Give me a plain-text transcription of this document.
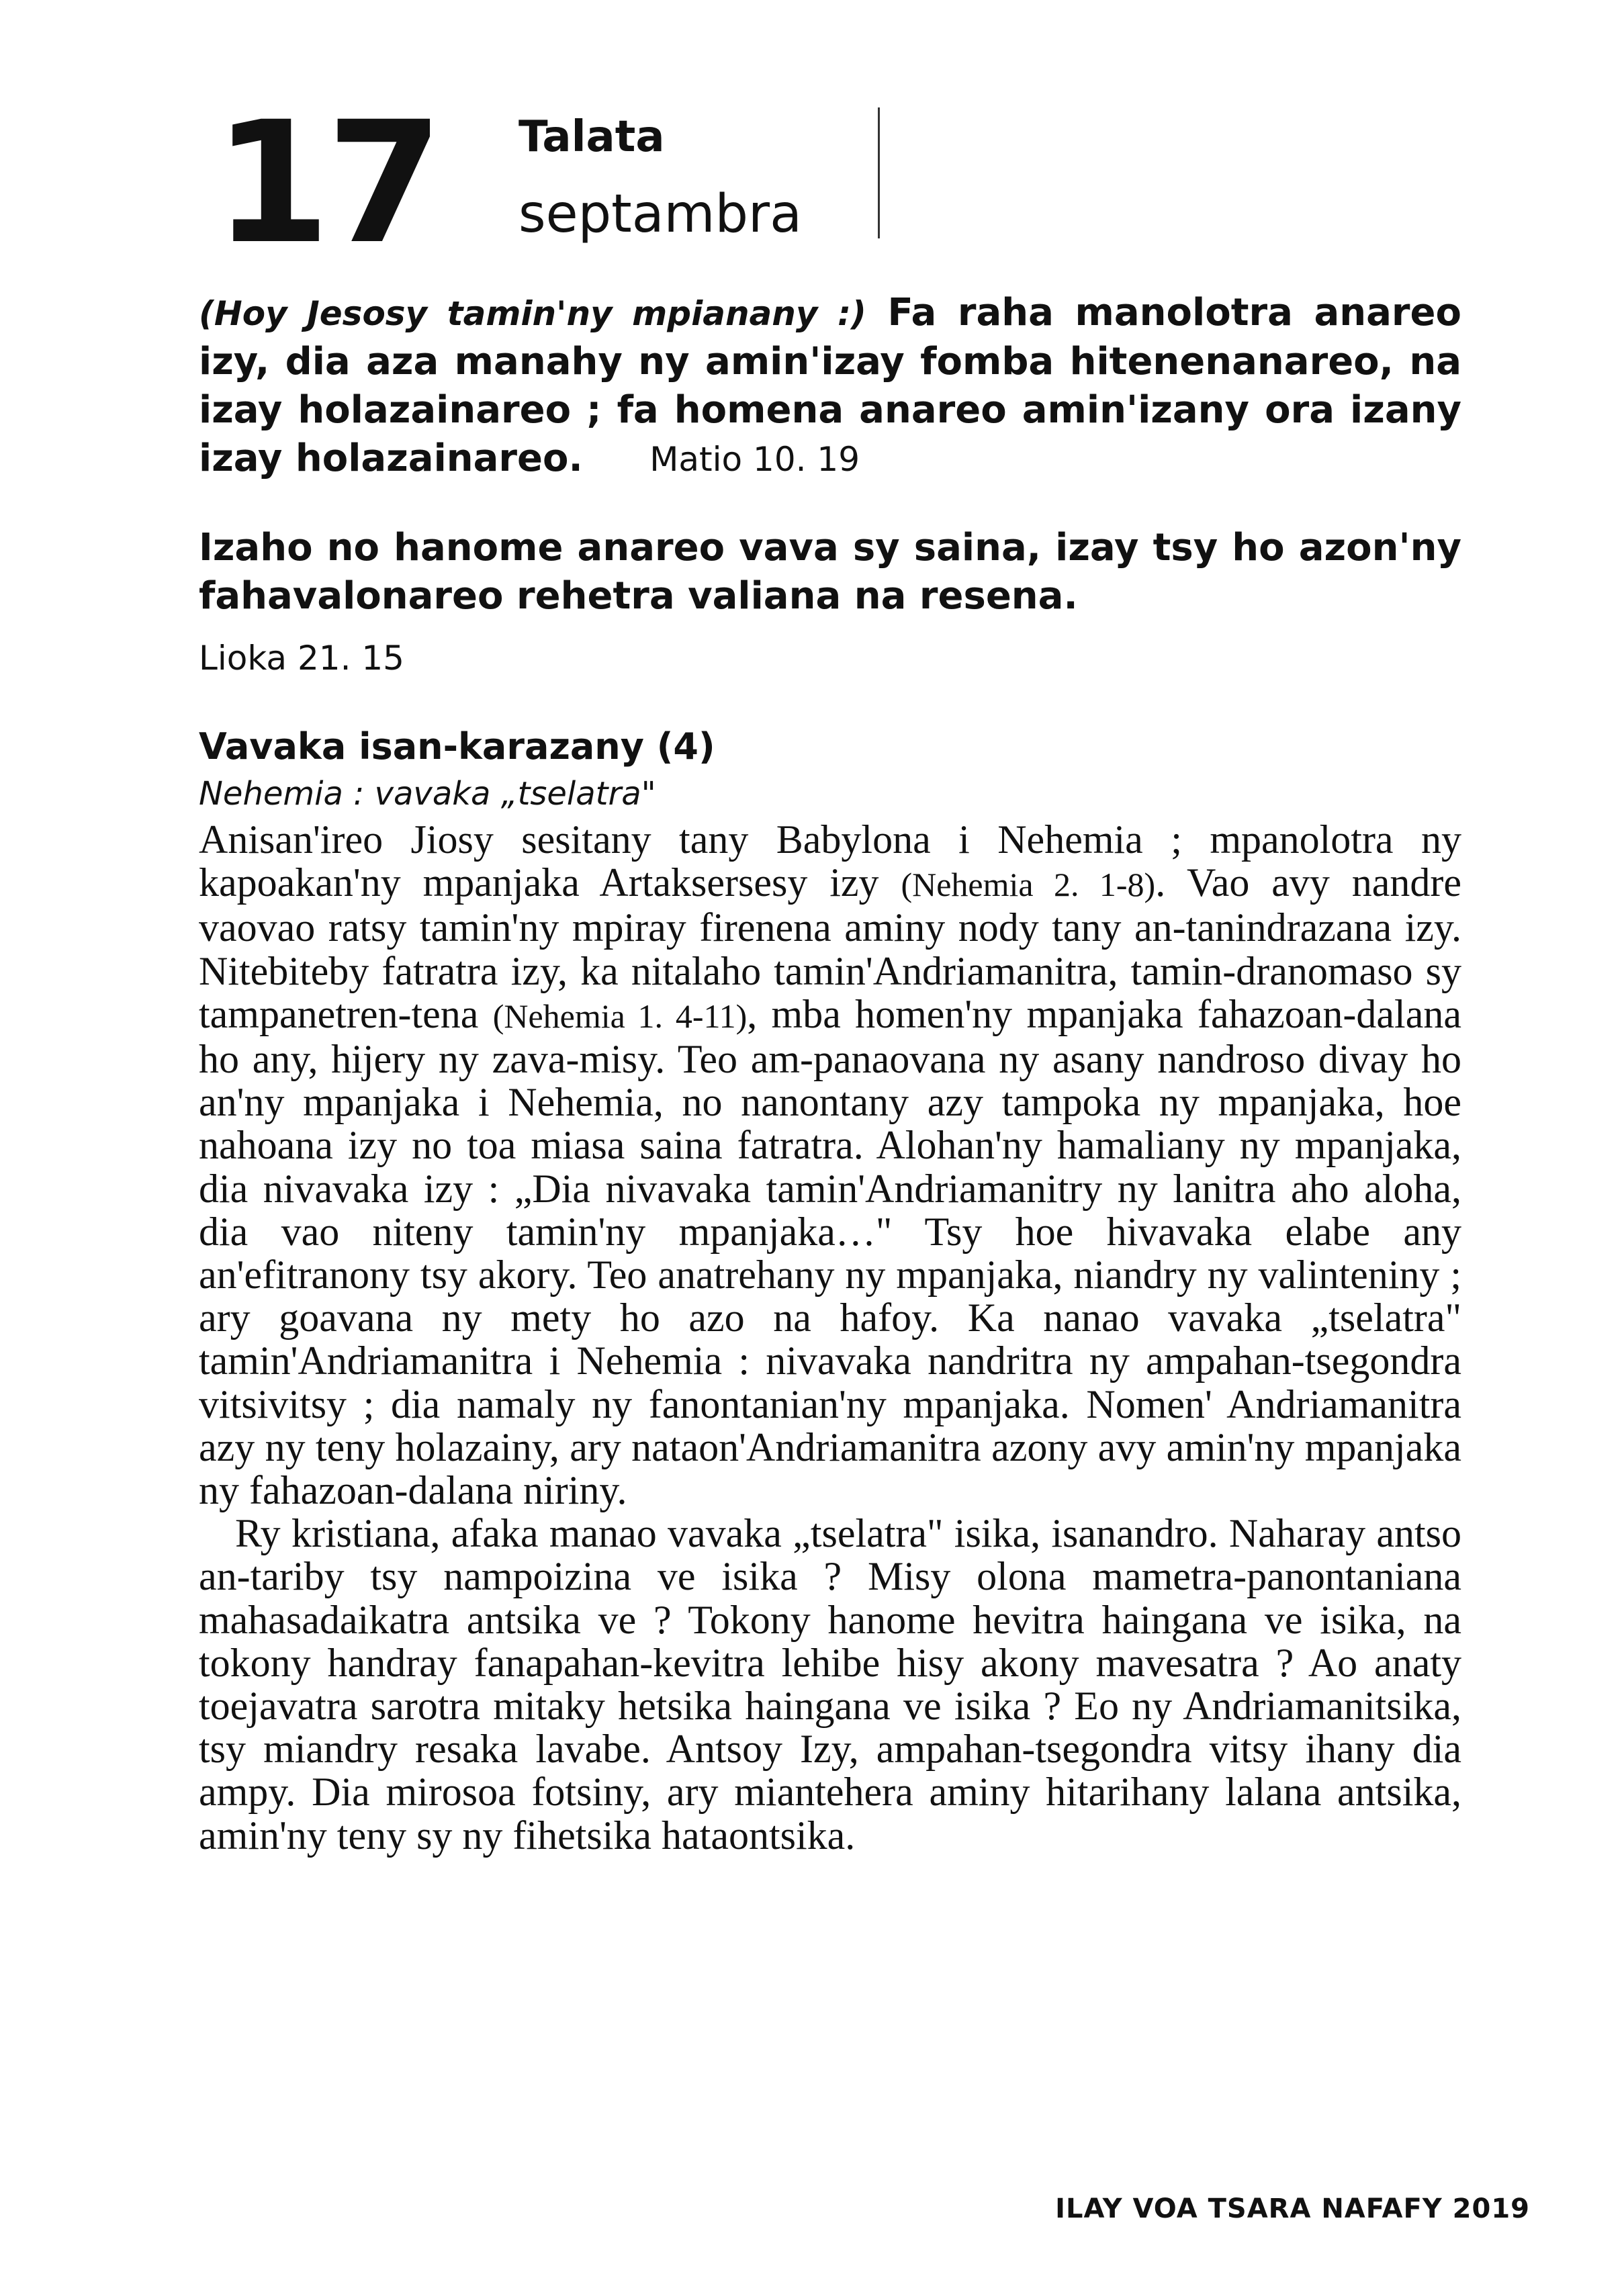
17 Talata
septambra
(Hoy Jesosy tamin'ny mpianany :) Fa raha manolotra anareo izy, dia aza manahy ny amin'izay fomba hitenenanareo, na izay holazainareo ; fa homena anareo amin'izany ora izany izay holazainareo. Matio 10. 19
Izaho no hanome anareo vava sy saina, izay tsy ho azon'ny fahavalonareo rehetra valiana na resena.
Lioka 21. 15
Vavaka isan-karazany (4)
Nehemia : vavaka „tselatra"

Anisan'ireo Jiosy sesitany tany Babylona i Nehemia ; mpanolotra ny kapoakan'ny mpanjaka Artaksersesy izy (Nehemia 2. 1-8). Vao avy nandre vaovao ratsy tamin'ny mpiray firenena aminy nody tany an-tanindrazana izy. Nitebiteby fatratra izy, ka nitalaho tamin'Andriamanitra, tamin-dranomaso sy tampanetren-tena (Nehemia 1. 4-11), mba homen'ny mpanjaka fahazoan-dalana ho any, hijery ny zava-misy. Teo am-panaovana ny asany nandroso divay ho an'ny mpanjaka i Nehemia, no nanontany azy tampoka ny mpanjaka, hoe nahoana izy no toa miasa saina fatratra. Alohan'ny hamaliany ny mpanjaka, dia nivavaka izy : „Dia nivavaka tamin'Andriamanitry ny lanitra aho aloha, dia vao niteny tamin'ny mpanjaka…" Tsy hoe hivavaka elabe any an'efitranony tsy akory. Teo anatrehany ny mpanjaka, niandry ny valinteniny ; ary goavana ny mety ho azo na hafoy. Ka nanao vavaka „tselatra" tamin'Andriamanitra i Nehemia : nivavaka nandritra ny ampahan-tsegondra vitsivitsy ; dia namaly ny fanontanian'ny mpanjaka. Nomen' Andriamanitra azy ny teny holazainy, ary nataon'Andriamanitra azony avy amin'ny mpanjaka ny fahazoan-dalana niriny.

Ry kristiana, afaka manao vavaka „tselatra" isika, isanandro. Naharay antso an-tariby tsy nampoizina ve isika ? Misy olona mametra-panontaniana mahasadaikatra antsika ve ? Tokony hanome hevitra haingana ve isika, na tokony handray fanapahan-kevitra lehibe hisy akony mavesatra ? Ao anaty toejavatra sarotra mitaky hetsika haingana ve isika ? Eo ny Andriamanitsika, tsy miandry resaka lavabe. Antsoy Izy, ampahan-tsegondra vitsy ihany dia ampy. Dia mirosoa fotsiny, ary miantehera aminy hitarihany lalana antsika, amin'ny teny sy ny fihetsika hataontsika.

ILAY VOA TSARA NAFAFY 2019
